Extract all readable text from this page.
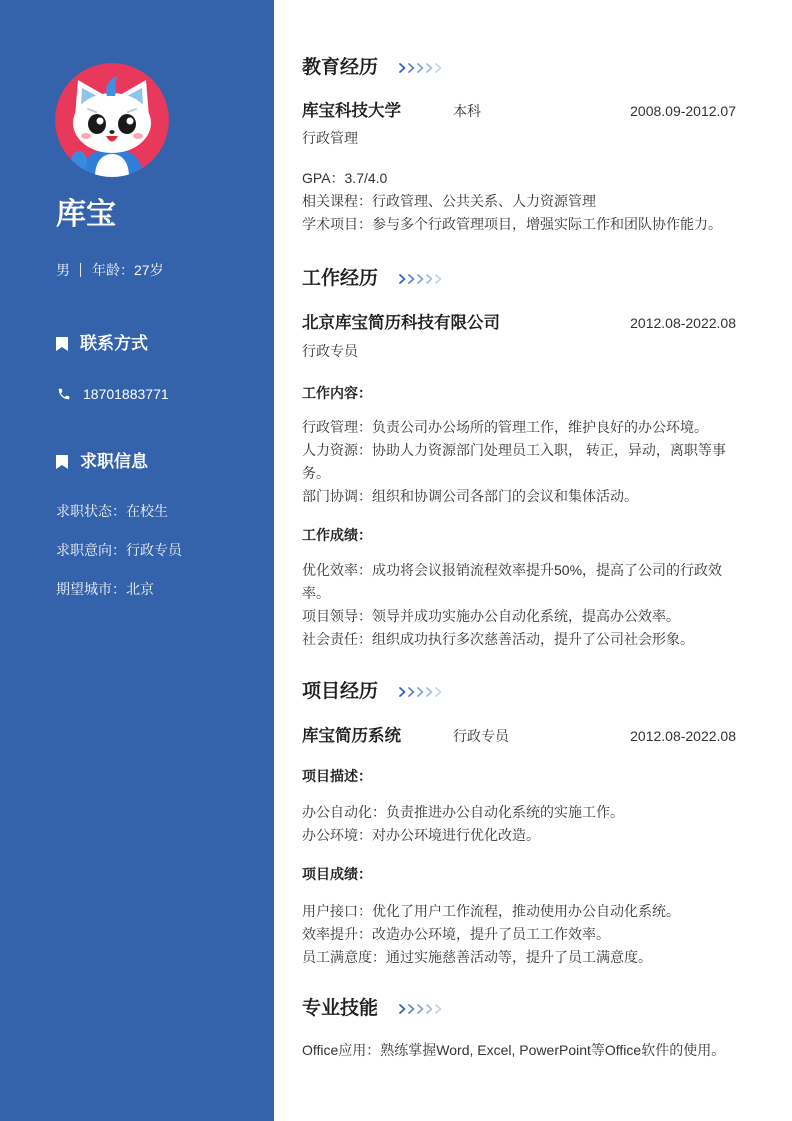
库宝
男 年龄：27岁
联系方式
18701883771
求职信息
求职状态：在校生
求职意向：行政专员
期望城市：北京
教育经历
库宝科技大学	本科	2008.09-2012.07
行政管理
GPA：3.7/4.0
相关课程：行政管理、公共关系、人力资源管理
学术项目：参与多个行政管理项目，增强实际工作和团队协作能力。
工作经历
北京库宝简历科技有限公司	2012.08-2022.08
行政专员
工作内容：
行政管理：负责公司办公场所的管理工作，维护良好的办公环境。
人力资源：协助人力资源部门处理员工入职， 转正，异动，离职等事务。
部门协调：组织和协调公司各部门的会议和集体活动。
工作成绩：
优化效率：成功将会议报销流程效率提升50%，提高了公司的行政效率。
项目领导：领导并成功实施办公自动化系统，提高办公效率。
社会责任：组织成功执行多次慈善活动，提升了公司社会形象。
项目经历
库宝简历系统	行政专员	2012.08-2022.08
项目描述：
办公自动化：负责推进办公自动化系统的实施工作。
办公环境：对办公环境进行优化改造。
项目成绩：
用户接口：优化了用户工作流程，推动使用办公自动化系统。
效率提升：改造办公环境，提升了员工工作效率。
员工满意度：通过实施慈善活动等，提升了员工满意度。
专业技能
Office应用：熟练掌握Word, Excel, PowerPoint等Office软件的使用。
